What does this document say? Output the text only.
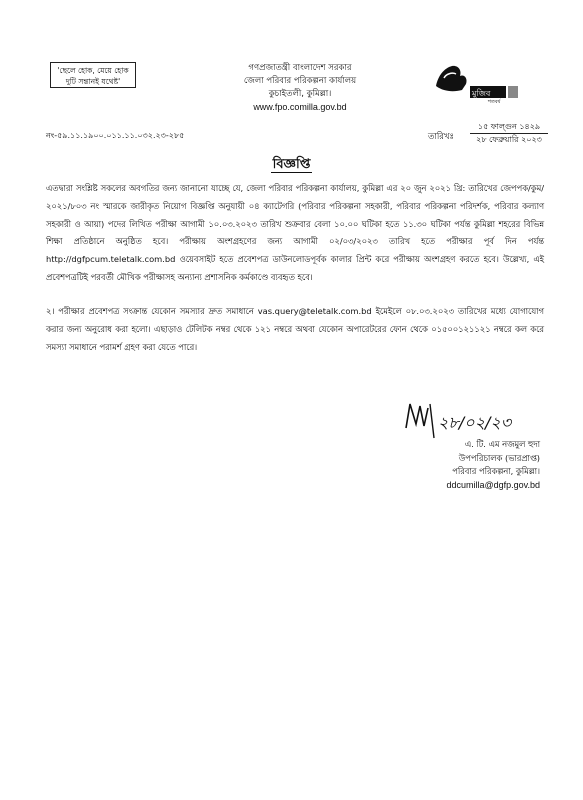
'ছেলে হোক, মেয়ে হোক
দুটি সন্তানই যথেষ্ট'
গণপ্রজাতন্ত্রী বাংলাদেশ সরকার
জেলা পরিবার পরিকল্পনা কার্যালয়
কুচাইতলী, কুমিল্লা।
www.fpo.comilla.gov.bd
মুজিব
শতবর্ষ
নং-৫৯.১১.১৯০০.০১১.১১.০৩২.২৩-২৮৫	তারিখঃ
১৫ ফাল্গুন ১৪২৯
২৮ ফেব্রুয়ারি ২০২৩
বিজ্ঞপ্তি
এতদ্বারা সংশ্লিষ্ট সকলের অবগতির জন্য জানানো যাচ্ছে যে, জেলা পরিবার পরিকল্পনা কার্যালয়, কুমিল্লা এর ২০ জুন ২০২১ খ্রি: তারিখের জেপপক/কুম/২০২১/৮০৩ নং স্মারকে জারীকৃত নিয়োগ বিজ্ঞপ্তি অনুযায়ী ০৪ ক্যাটেগরি (পরিবার পরিকল্পনা সহকারী, পরিবার পরিকল্পনা পরিদর্শক, পরিবার কল্যাণ সহকারী ও আয়া) পদের লিখিত পরীক্ষা আগামী ১০.০৩.২০২৩ তারিখ শুক্রবার বেলা ১০.০০ ঘটিকা হতে ১১.৩০ ঘটিকা পর্যন্ত কুমিল্লা শহরের বিভিন্ন শিক্ষা প্রতিষ্ঠানে অনুষ্ঠিত হবে। পরীক্ষায় অংশগ্রহণের জন্য আগামী ০২/০৩/২০২৩ তারিখ হতে পরীক্ষার পূর্ব দিন পর্যন্ত http://dgfpcum.teletalk.com.bd ওয়েবসাইট হতে প্রবেশপত্র ডাউনলোডপূর্বক কালার প্রিন্ট করে পরীক্ষায় অংশগ্রহণ করতে হবে। উল্লেখ্য, এই প্রবেশপত্রটিই পরবর্তী মৌখিক পরীক্ষাসহ অন্যান্য প্রশাসনিক কর্মকাণ্ডে ব্যবহৃত হবে।
২। পরীক্ষার প্রবেশপত্র সংক্রান্ত যেকোন সমস্যার দ্রুত সমাধানে vas.query@teletalk.com.bd ইমেইলে ০৮.০৩.২০২৩ তারিখের মধ্যে যোগাযোগ করার জন্য অনুরোধ করা হলো। এছাড়াও টেলিটক নম্বর থেকে ১২১ নম্বরে অথবা যেকোন অপারেটরের ফোন থেকে ০১৫০০১২১১২১ নম্বরে কল করে সমস্যা সমাধানে পরামর্শ গ্রহণ করা যেতে পারে।
২৮/০২/২৩
এ. টি. এম নজমুল হুদা
উপপরিচালক (ভারপ্রাপ্ত)
পরিবার পরিকল্পনা, কুমিল্লা।
ddcumilla@dgfp.gov.bd
